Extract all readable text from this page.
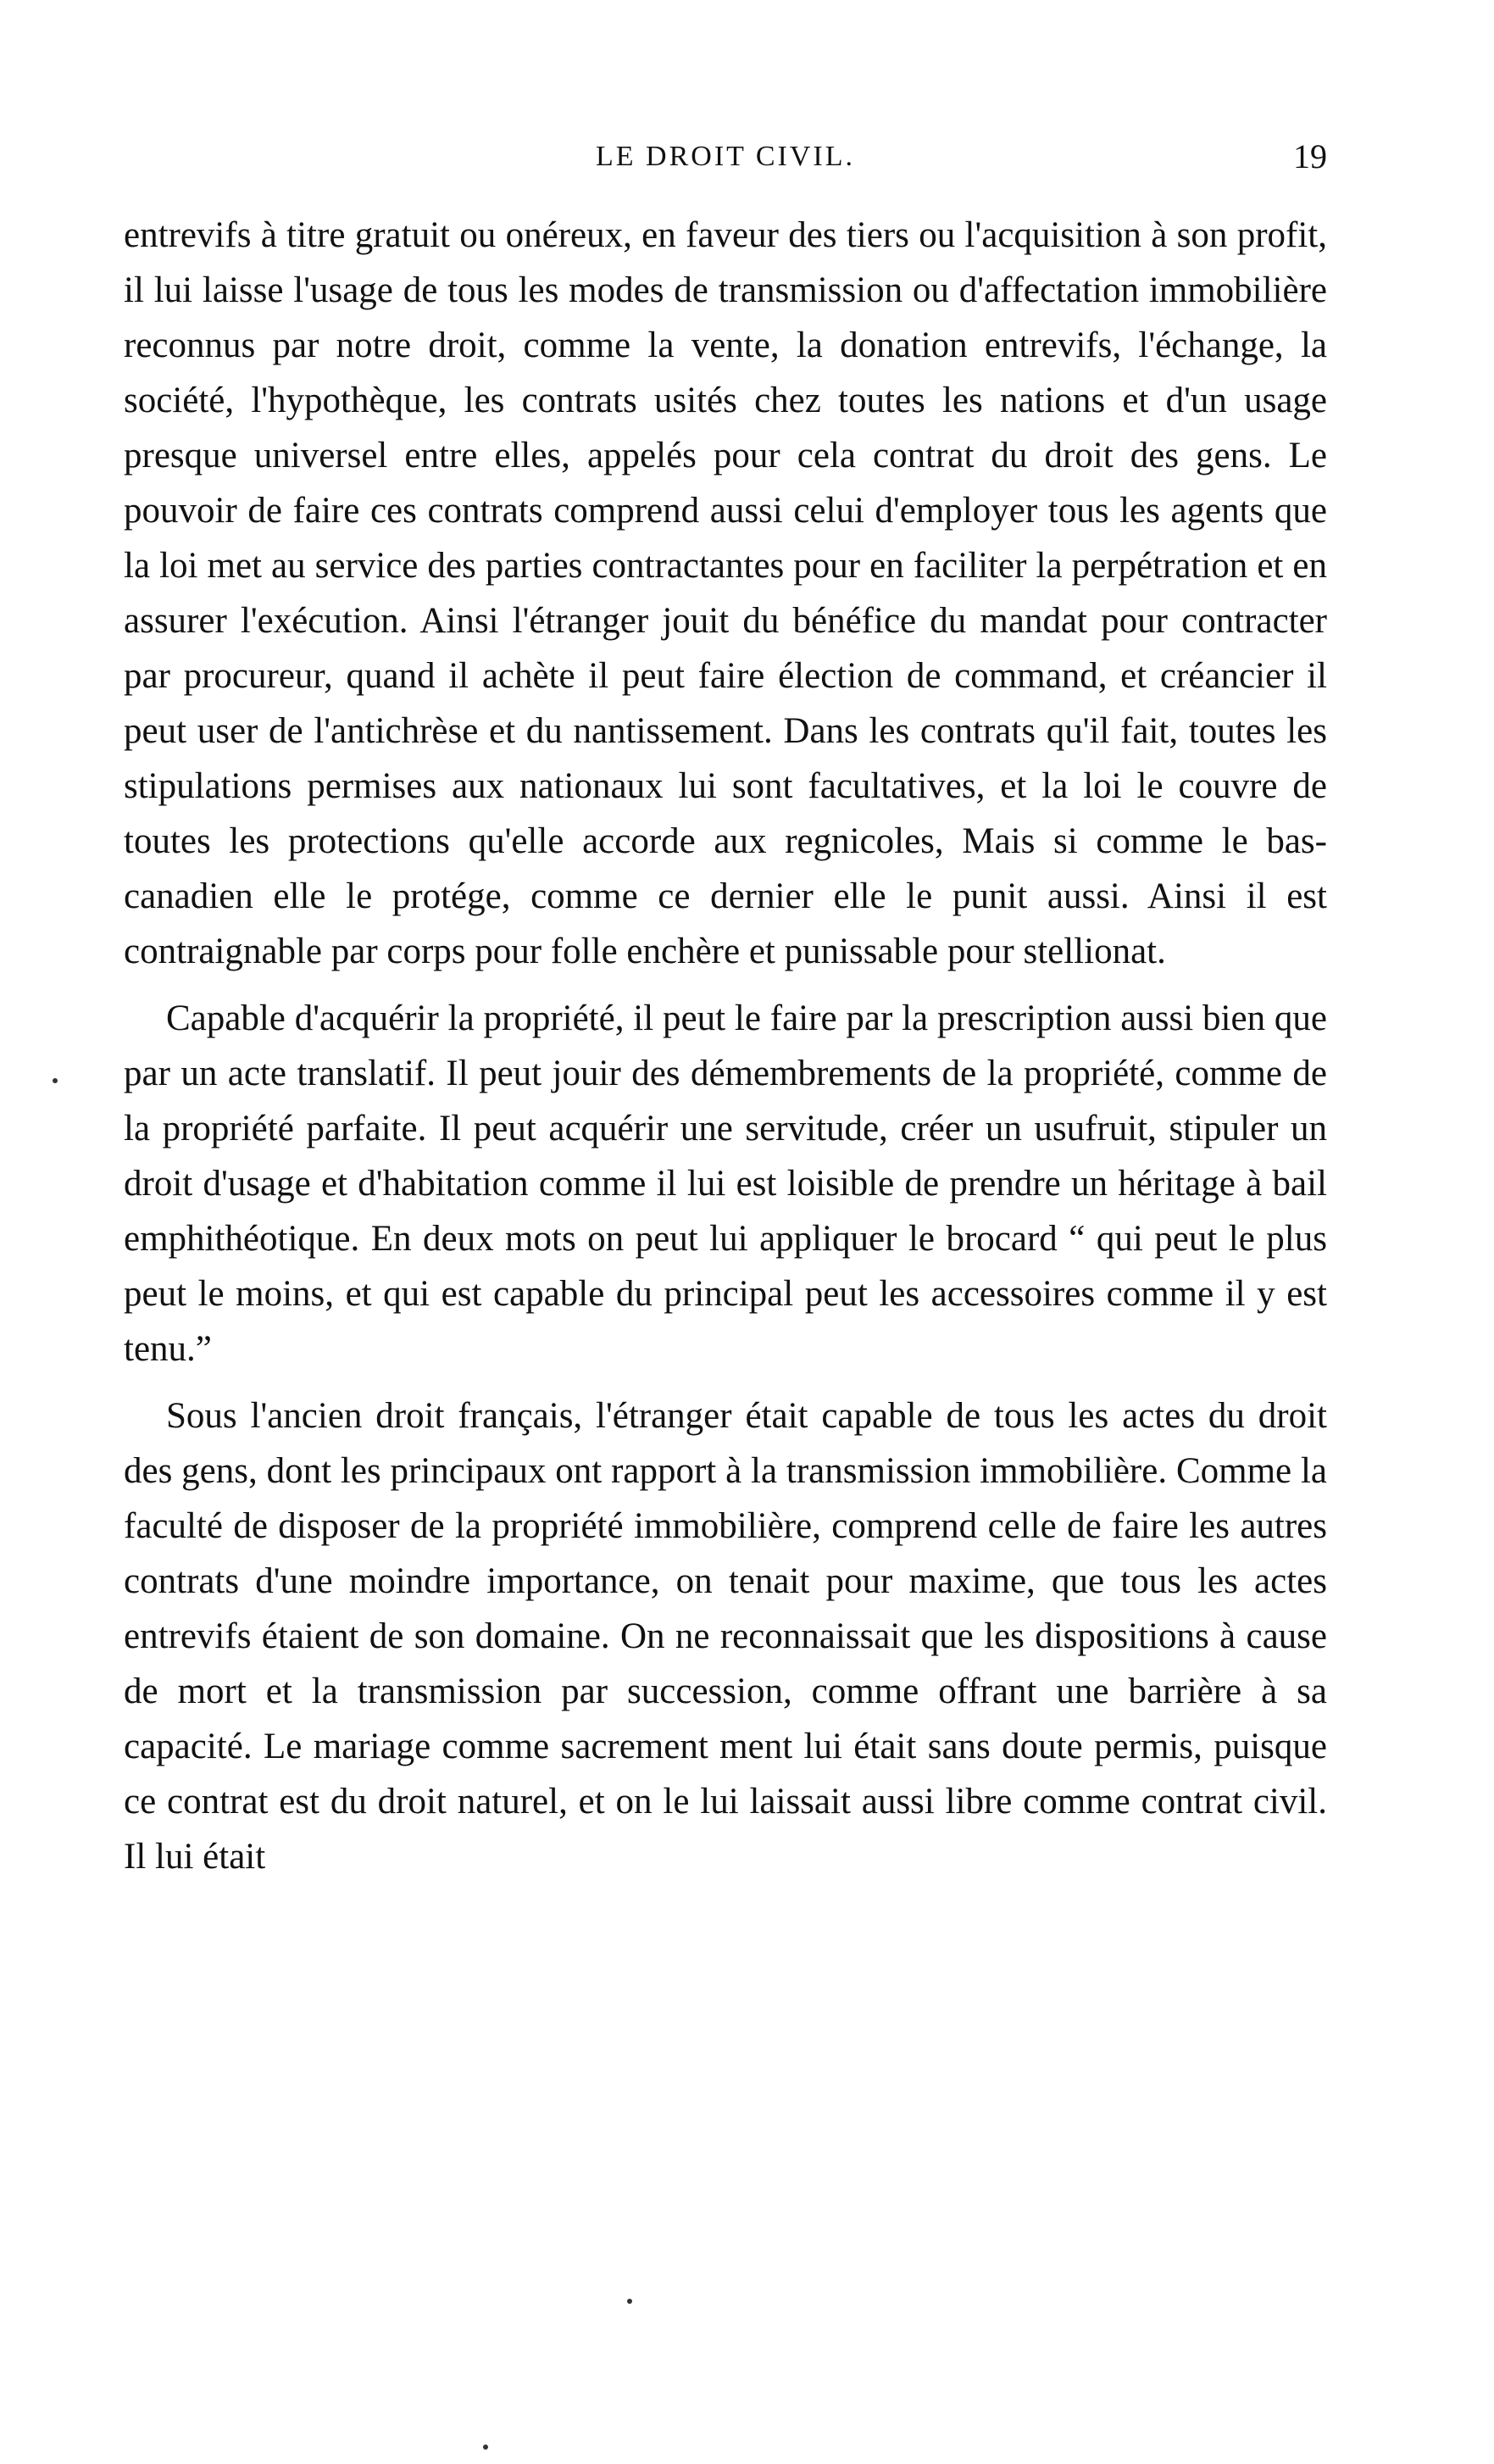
LE DROIT CIVIL.	19

entrevifs à titre gratuit ou onéreux, en faveur des tiers ou l'acquisition à son profit, il lui laisse l'usage de tous les modes de transmission ou d'affectation immobilière reconnus par notre droit, comme la vente, la donation entrevifs, l'échange, la société, l'hypothèque, les contrats usités chez toutes les nations et d'un usage presque universel entre elles, appelés pour cela contrat du droit des gens. Le pouvoir de faire ces contrats comprend aussi celui d'employer tous les agents que la loi met au service des parties contractantes pour en faciliter la perpétration et en assurer l'exécution. Ainsi l'étranger jouit du bénéfice du mandat pour contracter par procureur, quand il achète il peut faire élection de command, et créancier il peut user de l'antichrèse et du nantissement. Dans les contrats qu'il fait, toutes les stipulations permises aux nationaux lui sont facultatives, et la loi le couvre de toutes les protections qu'elle accorde aux regnicoles, Mais si comme le bas-canadien elle le protége, comme ce dernier elle le punit aussi. Ainsi il est contraignable par corps pour folle enchère et punissable pour stellionat.

Capable d'acquérir la propriété, il peut le faire par la prescription aussi bien que par un acte translatif. Il peut jouir des démembrements de la propriété, comme de la propriété parfaite. Il peut acquérir une servitude, créer un usufruit, stipuler un droit d'usage et d'habitation comme il lui est loisible de prendre un héritage à bail emphithéotique. En deux mots on peut lui appliquer le brocard “ qui peut le plus peut le moins, et qui est capable du principal peut les accessoires comme il y est tenu.”

Sous l'ancien droit français, l'étranger était capable de tous les actes du droit des gens, dont les principaux ont rapport à la transmission immobilière. Comme la faculté de disposer de la propriété immobilière, comprend celle de faire les autres contrats d'une moindre importance, on tenait pour maxime, que tous les actes entrevifs étaient de son domaine. On ne reconnaissait que les dispositions à cause de mort et la transmission par succession, comme offrant une barrière à sa capacité. Le mariage comme sacrement ment lui était sans doute permis, puisque ce contrat est du droit naturel, et on le lui laissait aussi libre comme contrat civil. Il lui était
